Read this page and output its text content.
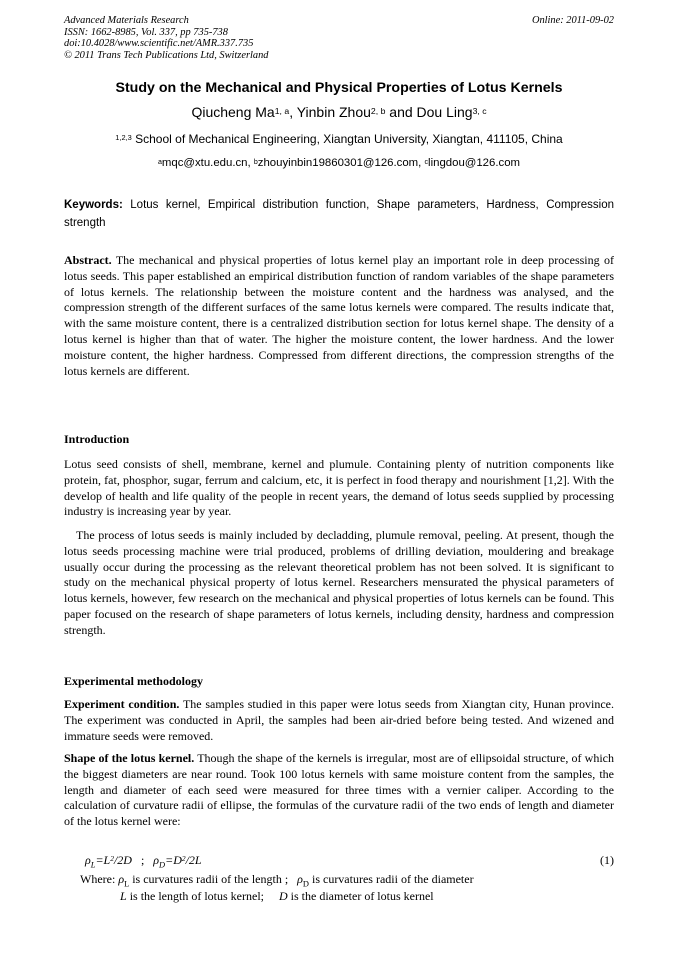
Advanced Materials Research
ISSN: 1662-8985, Vol. 337, pp 735-738
doi:10.4028/www.scientific.net/AMR.337.735
© 2011 Trans Tech Publications Ltd, Switzerland
Online: 2011-09-02
Study on the Mechanical and Physical Properties of Lotus Kernels
Qiucheng Ma$^{1, a}$, Yinbin Zhou$^{2, b}$ and Dou Ling$^{3, c}$
$^{1,2,3}$ School of Mechanical Engineering, Xiangtan University, Xiangtan, 411105, China
$^a$mqc@xtu.edu.cn, $^b$zhouyinbin19860301@126.com, $^c$lingdou@126.com
Keywords: Lotus kernel, Empirical distribution function, Shape parameters, Hardness, Compression strength
Abstract. The mechanical and physical properties of lotus kernel play an important role in deep processing of lotus seeds. This paper established an empirical distribution function of random variables of the shape parameters of lotus kernels. The relationship between the moisture content and the hardness was analysed, and the compression strength of the different surfaces of the same lotus kernels were compared. The results indicate that, with the same moisture content, there is a centralized distribution section for lotus kernel shape. The density of a lotus kernel is higher than that of water. The higher the moisture content, the lower hardness. And the lower moisture content, the higher hardness. Compressed from different directions, the compression strengths of the lotus kernels are different.
Introduction
Lotus seed consists of shell, membrane, kernel and plumule. Containing plenty of nutrition components like protein, fat, phosphor, sugar, ferrum and calcium, etc, it is perfect in food therapy and nourishment [1,2]. With the develop of health and life quality of the people in recent years, the demand of lotus seeds supplied by processing industry is increasing year by year.
The process of lotus seeds is mainly included by decladding, plumule removal, peeling. At present, though the lotus seeds processing machine were trial produced, problems of drilling deviation, mouldering and breakage usually occur during the processing as the relevant theoretical problem has not been solved. It is significant to study on the mechanical physical property of lotus kernel. Researchers mensurated the physical parameters of lotus kernels, however, few research on the mechanical and physical properties of lotus kernels can be found. This paper focused on the research of shape parameters of lotus kernels, including density, hardness and compression strength.
Experimental methodology
Experiment condition. The samples studied in this paper were lotus seeds from Xiangtan city, Hunan province. The experiment was conducted in April, the samples had been air-dried before being tested. And wizened and immature seeds were removed.
Shape of the lotus kernel. Though the shape of the kernels is irregular, most are of ellipsoidal structure, of which the biggest diameters are near round. Took 100 lotus kernels with same moisture content from the samples, the length and diameter of each seed were measured for three times with a vernier caliper. According to the calculation of curvature radii of ellipse, the formulas of the curvature radii of the two ends of length and diameter of the lotus kernel were:
$\rho_L=L^2/2D$   ;   $\rho_D=D^2/2L$	(1)
Where: $\rho_L$ is curvatures radii of the length ;   $\rho_D$ is curvatures radii of the diameter
L is the length of lotus kernel;     D is the diameter of lotus kernel
